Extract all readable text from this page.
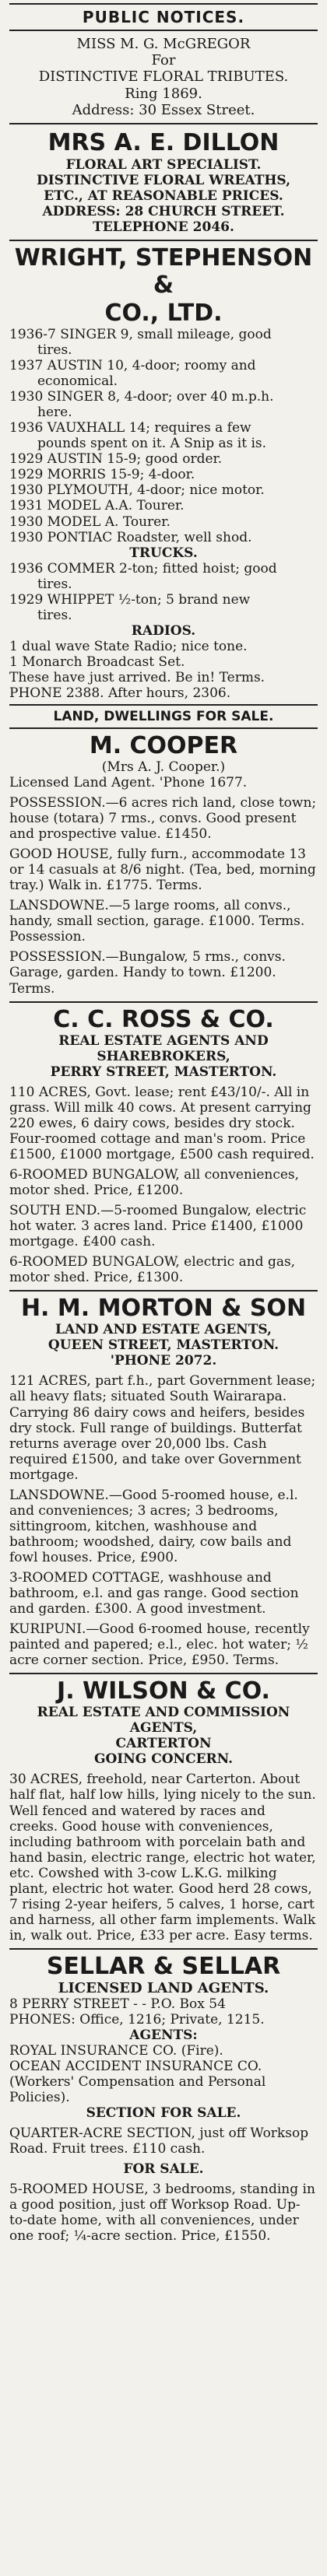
PUBLIC NOTICES.
MISS M. G. McGREGOR
For
DISTINCTIVE FLORAL TRIBUTES.
Ring 1869.
Address: 30 Essex Street.
MRS A. E. DILLON
FLORAL ART SPECIALIST.
DISTINCTIVE FLORAL WREATHS,
ETC., AT REASONABLE PRICES.
ADDRESS: 28 CHURCH STREET.
TELEPHONE 2046.
WRIGHT, STEPHENSON &
CO., LTD.
1936-7 SINGER 9, small mileage, good
tires.
1937 AUSTIN 10, 4-door; roomy and
economical.
1930 SINGER 8, 4-door; over 40 m.p.h.
here.
1936 VAUXHALL 14; requires a few
pounds spent on it. A Snip as it is.
1929 AUSTIN 15-9; good order.
1929 MORRIS 15-9; 4-door.
1930 PLYMOUTH, 4-door; nice motor.
1931 MODEL A.A. Tourer.
1930 MODEL A. Tourer.
1930 PONTIAC Roadster, well shod.
TRUCKS.
1936 COMMER 2-ton; fitted hoist; good
tires.
1929 WHIPPET ½-ton; 5 brand new
tires.
RADIOS.
1 dual wave State Radio; nice tone.
1 Monarch Broadcast Set.
These have just arrived. Be in! Terms.
PHONE 2388. After hours, 2306.
LAND, DWELLINGS FOR SALE.
M. COOPER
(Mrs A. J. Cooper.)
Licensed Land Agent. 'Phone 1677.

POSSESSION.—6 acres rich land, close town; house (totara) 7 rms., convs. Good present and prospective value. £1450.

GOOD HOUSE, fully furn., accommodate 13 or 14 casuals at 8/6 night. (Tea, bed, morning tray.) Walk in. £1775. Terms.

LANSDOWNE.—5 large rooms, all convs., handy, small section, garage. £1000. Terms. Possession.

POSSESSION.—Bungalow, 5 rms., convs. Garage, garden. Handy to town. £1200. Terms.

C. C. ROSS & CO.
REAL ESTATE AGENTS AND
SHAREBROKERS,
PERRY STREET, MASTERTON.

110 ACRES, Govt. lease; rent £43/10/-. All in grass. Will milk 40 cows. At present carrying 220 ewes, 6 dairy cows, besides dry stock. Four-roomed cottage and man's room. Price £1500, £1000 mortgage, £500 cash required.

6-ROOMED BUNGALOW, all conveniences, motor shed. Price, £1200.

SOUTH END.—5-roomed Bungalow, electric hot water. 3 acres land. Price £1400, £1000 mortgage. £400 cash.

6-ROOMED BUNGALOW, electric and gas, motor shed. Price, £1300.

H. M. MORTON & SON
LAND AND ESTATE AGENTS,
QUEEN STREET, MASTERTON.
'PHONE 2072.

121 ACRES, part f.h., part Government lease; all heavy flats; situated South Wairarapa. Carrying 86 dairy cows and heifers, besides dry stock. Full range of buildings. Butterfat returns average over 20,000 lbs. Cash required £1500, and take over Government mortgage.

LANSDOWNE.—Good 5-roomed house, e.l. and conveniences; 3 acres; 3 bedrooms, sittingroom, kitchen, washhouse and bathroom; woodshed, dairy, cow bails and fowl houses. Price, £900.

3-ROOMED COTTAGE, washhouse and bathroom, e.l. and gas range. Good section and garden. £300. A good investment.

KURIPUNI.—Good 6-roomed house, recently painted and papered; e.l., elec. hot water; ½ acre corner section. Price, £950. Terms.

J. WILSON & CO.
REAL ESTATE AND COMMISSION
AGENTS,
CARTERTON
GOING CONCERN.

30 ACRES, freehold, near Carterton. About half flat, half low hills, lying nicely to the sun. Well fenced and watered by races and creeks. Good house with conveniences, including bathroom with porcelain bath and hand basin, electric range, electric hot water, etc. Cowshed with 3-cow L.K.G. milking plant, electric hot water. Good herd 28 cows, 7 rising 2-year heifers, 5 calves, 1 horse, cart and harness, all other farm implements. Walk in, walk out. Price, £33 per acre. Easy terms.

SELLAR & SELLAR
LICENSED LAND AGENTS.
8 PERRY STREET - - P.O. Box 54
PHONES: Office, 1216; Private, 1215.
AGENTS:
ROYAL INSURANCE CO. (Fire).
OCEAN ACCIDENT INSURANCE CO.
(Workers' Compensation and Personal Policies).
SECTION FOR SALE.

QUARTER-ACRE SECTION, just off Worksop Road. Fruit trees. £110 cash.

FOR SALE.

5-ROOMED HOUSE, 3 bedrooms, standing in a good position, just off Worksop Road. Up-to-date home, with all conveniences, under one roof; ¼-acre section. Price, £1550.
